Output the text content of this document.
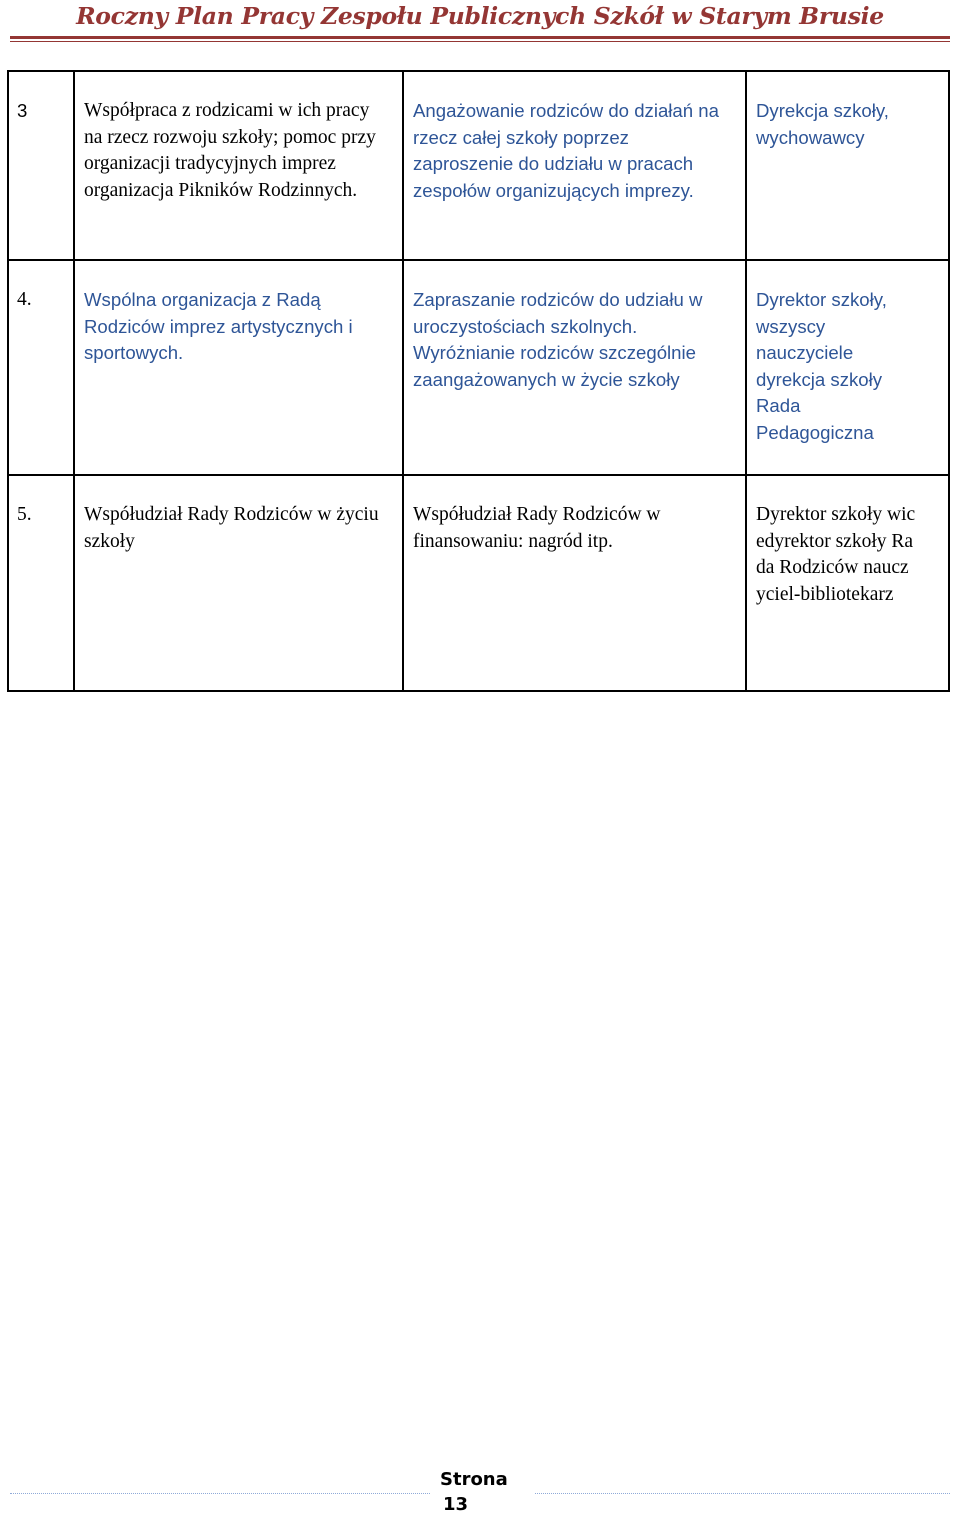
Roczny Plan Pracy Zespołu Publicznych Szkół w Starym Brusie
3	Współpraca z rodzicami w ich pracy na rzecz rozwoju szkoły; pomoc przy organizacji tradycyjnych imprez organizacja Pikników Rodzinnych.	Angażowanie rodziców do działań na rzecz całej szkoły poprzez zaproszenie do udziału w pracach zespołów organizujących imprezy.	Dyrekcja szkoły, wychowawcy

4.	Wspólna organizacja z Radą Rodziców imprez artystycznych i sportowych.	Zapraszanie rodziców do udziału w uroczystościach szkolnych. Wyróżnianie rodziców szczególnie zaangażowanych w życie szkoły	Dyrektor szkoły, wszyscy nauczyciele dyrekcja szkoły Rada Pedagogiczna

5.	Współudział Rady Rodziców w życiu szkoły	Współudział Rady Rodziców w finansowaniu: nagród itp.	Dyrektor szkoły wicedyrektor szkoły Rada Rodziców nauczyciel-bibliotekarz
Strona
13
